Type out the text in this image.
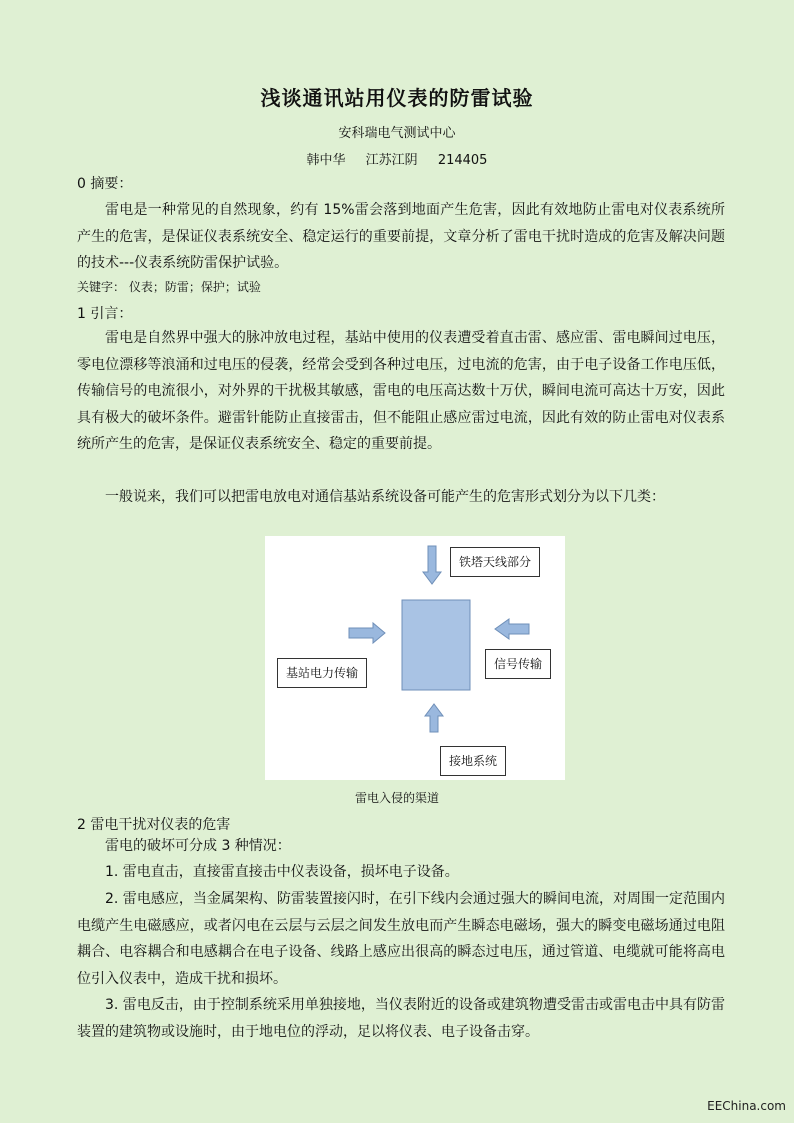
浅谈通讯站用仪表的防雷试验
安科瑞电气测试中心
韩中华 江苏江阴 214405
0 摘要：

雷电是一种常见的自然现象，约有 15%雷会落到地面产生危害，因此有效地防止雷电对仪表系统所产生的危害，是保证仪表系统安全、稳定运行的重要前提，文章分析了雷电干扰时造成的危害及解决问题的技术---仪表系统防雷保护试验。

关键字： 仪表；防雷；保护；试验
1 引言：

雷电是自然界中强大的脉冲放电过程，基站中使用的仪表遭受着直击雷、感应雷、雷电瞬间过电压，零电位漂移等浪涌和过电压的侵袭，经常会受到各种过电压，过电流的危害，由于电子设备工作电压低，传输信号的电流很小，对外界的干扰极其敏感，雷电的电压高达数十万伏，瞬间电流可高达十万安，因此具有极大的破坏条件。避雷针能防止直接雷击，但不能阻止感应雷过电流，因此有效的防止雷电对仪表系统所产生的危害，是保证仪表系统安全、稳定的重要前提。

一般说来，我们可以把雷电放电对通信基站系统设备可能产生的危害形式划分为以下几类：

铁塔天线部分
基站电力传输
信号传输
接地系统
雷电入侵的渠道
2 雷电干扰对仪表的危害

雷电的破坏可分成 3 种情况：

1. 雷电直击，直接雷直接击中仪表设备，损坏电子设备。

2. 雷电感应，当金属架构、防雷装置接闪时，在引下线内会通过强大的瞬间电流，对周围一定范围内电缆产生电磁感应，或者闪电在云层与云层之间发生放电而产生瞬态电磁场，强大的瞬变电磁场通过电阻耦合、电容耦合和电感耦合在电子设备、线路上感应出很高的瞬态过电压，通过管道、电缆就可能将高电位引入仪表中，造成干扰和损坏。

3. 雷电反击，由于控制系统采用单独接地，当仪表附近的设备或建筑物遭受雷击或雷电击中具有防雷装置的建筑物或设施时，由于地电位的浮动，足以将仪表、电子设备击穿。

EEChina.com
